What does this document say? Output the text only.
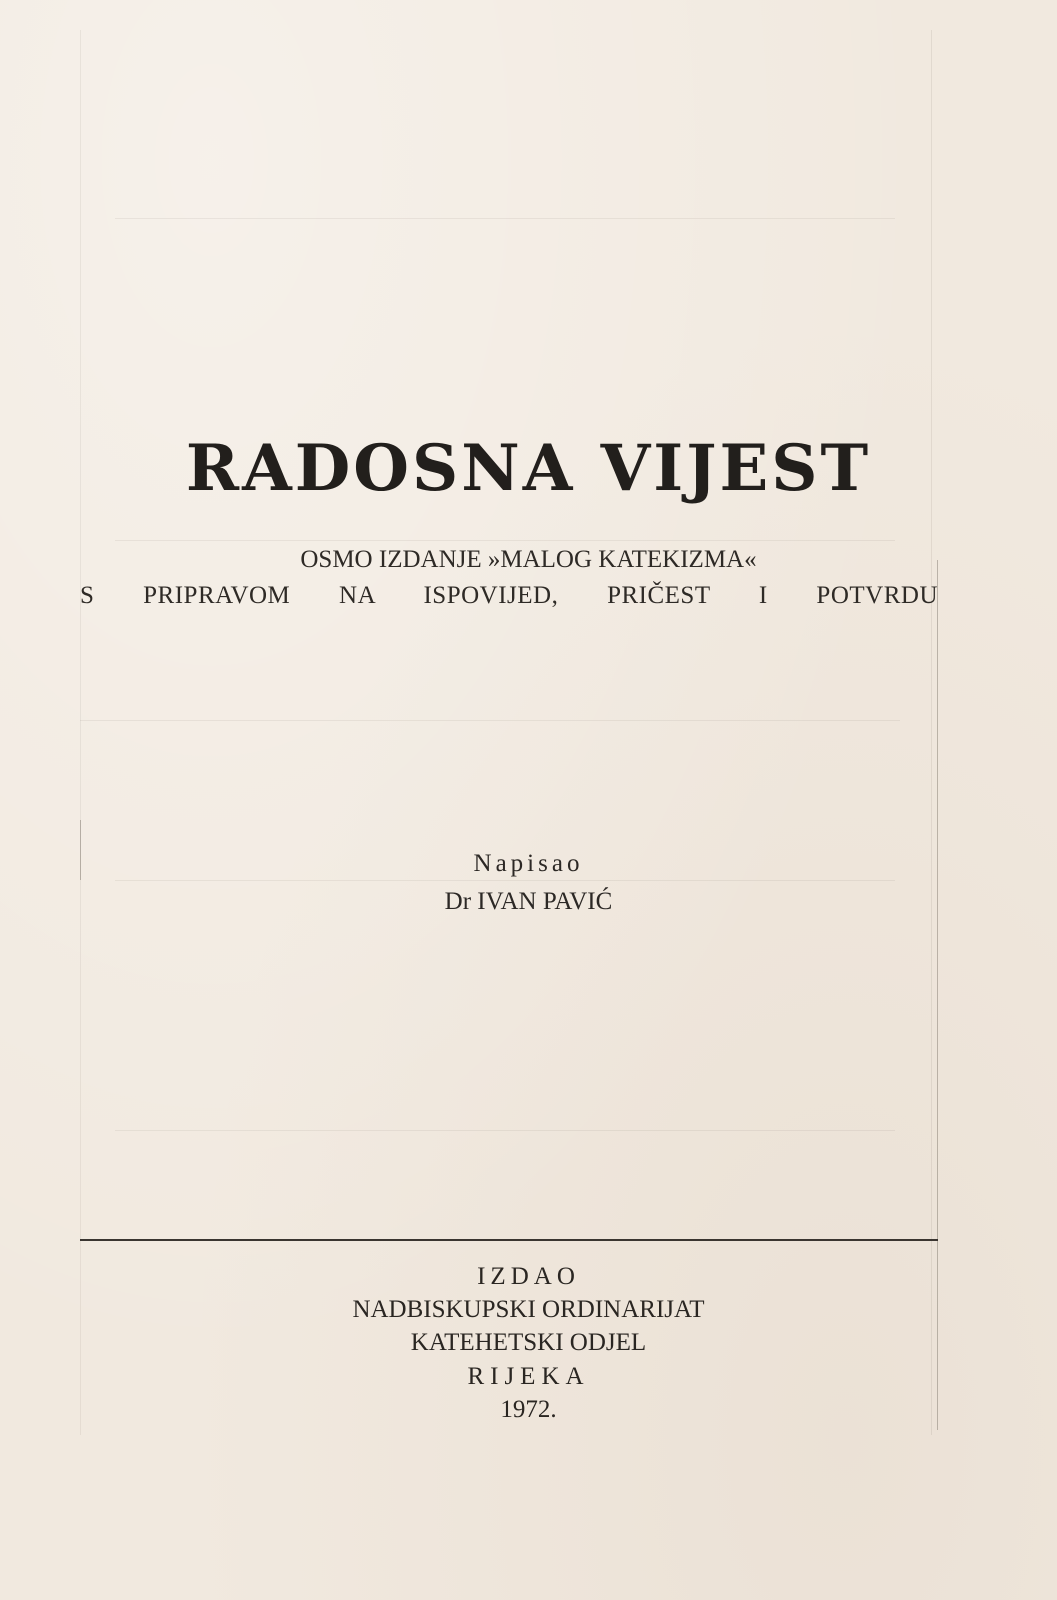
RADOSNA VIJEST
OSMO IZDANJE »MALOG KATEKIZMA«
S PRIPRAVOM NA ISPOVIJED, PRIČEST I POTVRDU
Napisao
Dr IVAN PAVIĆ
IZDAO
NADBISKUPSKI ORDINARIJAT
KATEHETSKI ODJEL
RIJEKA
1972.
